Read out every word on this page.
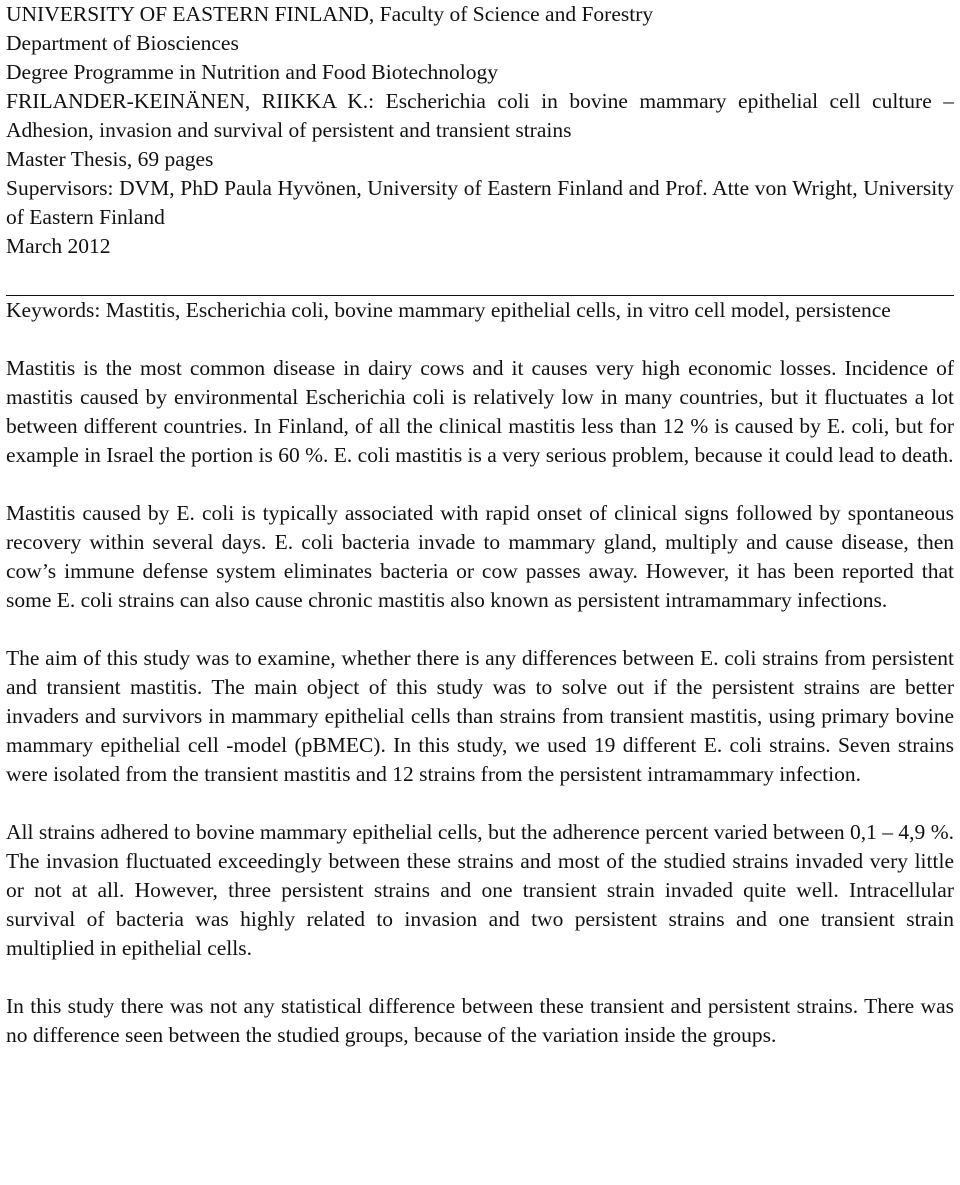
UNIVERSITY OF EASTERN FINLAND, Faculty of Science and Forestry

Department of Biosciences

Degree Programme in Nutrition and Food Biotechnology

FRILANDER-KEINÄNEN, RIIKKA K.: Escherichia coli in bovine mammary epithelial cell culture – Adhesion, invasion and survival of persistent and transient strains

Master Thesis, 69 pages

Supervisors: DVM, PhD Paula Hyvönen, University of Eastern Finland and Prof. Atte von Wright, University of Eastern Finland

March 2012

Keywords: Mastitis, Escherichia coli, bovine mammary epithelial cells, in vitro cell model, persistence

Mastitis is the most common disease in dairy cows and it causes very high economic losses. Incidence of mastitis caused by environmental Escherichia coli is relatively low in many countries, but it fluctuates a lot between different countries. In Finland, of all the clinical mastitis less than 12 % is caused by E. coli, but for example in Israel the portion is 60 %. E. coli mastitis is a very serious problem, because it could lead to death.

Mastitis caused by E. coli is typically associated with rapid onset of clinical signs followed by spontaneous recovery within several days. E. coli bacteria invade to mammary gland, multiply and cause disease, then cow’s immune defense system eliminates bacteria or cow passes away. However, it has been reported that some E. coli strains can also cause chronic mastitis also known as persistent intramammary infections.

The aim of this study was to examine, whether there is any differences between E. coli strains from persistent and transient mastitis. The main object of this study was to solve out if the persistent strains are better invaders and survivors in mammary epithelial cells than strains from transient mastitis, using primary bovine mammary epithelial cell -model (pBMEC). In this study, we used 19 different E. coli strains. Seven strains were isolated from the transient mastitis and 12 strains from the persistent intramammary infection.

All strains adhered to bovine mammary epithelial cells, but the adherence percent varied between 0,1 – 4,9 %. The invasion fluctuated exceedingly between these strains and most of the studied strains invaded very little or not at all. However, three persistent strains and one transient strain invaded quite well. Intracellular survival of bacteria was highly related to invasion and two persistent strains and one transient strain multiplied in epithelial cells.

In this study there was not any statistical difference between these transient and persistent strains. There was no difference seen between the studied groups, because of the variation inside the groups.
